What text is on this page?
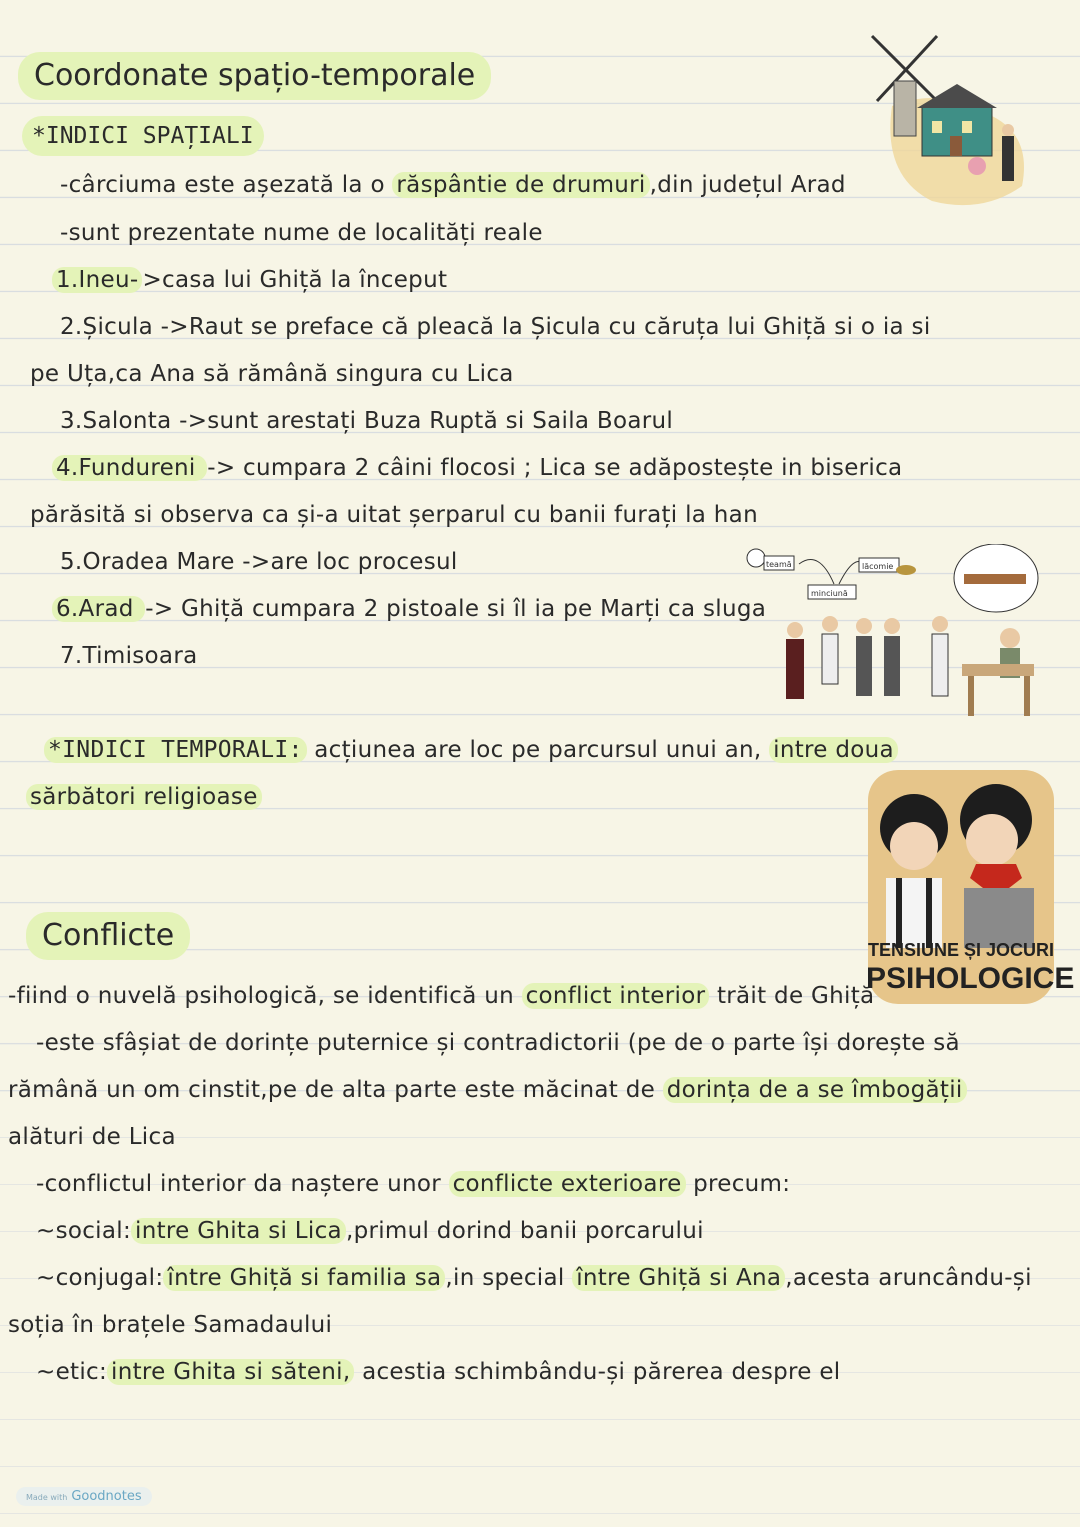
Coordonate spațio-temporale
*INDICI SPAȚIALI
-cârciuma este așezată la o răspântie de drumuri ,din județul Arad
-sunt prezentate nume de localități reale
1.Ineu- >casa lui Ghiță la început
2.Șicula ->Raut se preface că pleacă la Șicula cu căruța lui Ghiță si o ia si
pe Uța,ca Ana să rămână singura cu Lica
3.Salonta ->sunt arestați Buza Ruptă si Saila Boarul
4.Fundureni -> cumpara 2 câini flocosi ; Lica se adăpostește in biserica
părăsită si observa ca și-a uitat șerparul cu banii furați la han
5.Oradea Mare ->are loc procesul
6.Arad -> Ghiță cumpara 2 pistoale si îl ia pe Marți ca sluga
7.Timisoara
*INDICI TEMPORALI: acțiunea are loc pe parcursul unui an, intre doua
sărbători religioase
Conflicte
-fiind o nuvelă psihologică, se identifică un conflict interior trăit de Ghiță
-este sfâșiat de dorințe puternice și contradictorii (pe de o parte își dorește să
rămână un om cinstit,pe de alta parte este măcinat de dorința de a se îmbogății
alături de Lica
-conflictul interior da naștere unor conflicte exterioare precum:
~social: intre Ghita si Lica ,primul dorind banii porcarului
~conjugal: între Ghiță si familia sa ,in special între Ghiță si Ana ,acesta aruncându-și
soția în brațele Samadaului
~etic: intre Ghita si săteni, acestia schimbându-și părerea despre el
teamă
minciună
lăcomie
TENSIUNE ȘI JOCURI
PSIHOLOGICE
Made with Goodnotes
